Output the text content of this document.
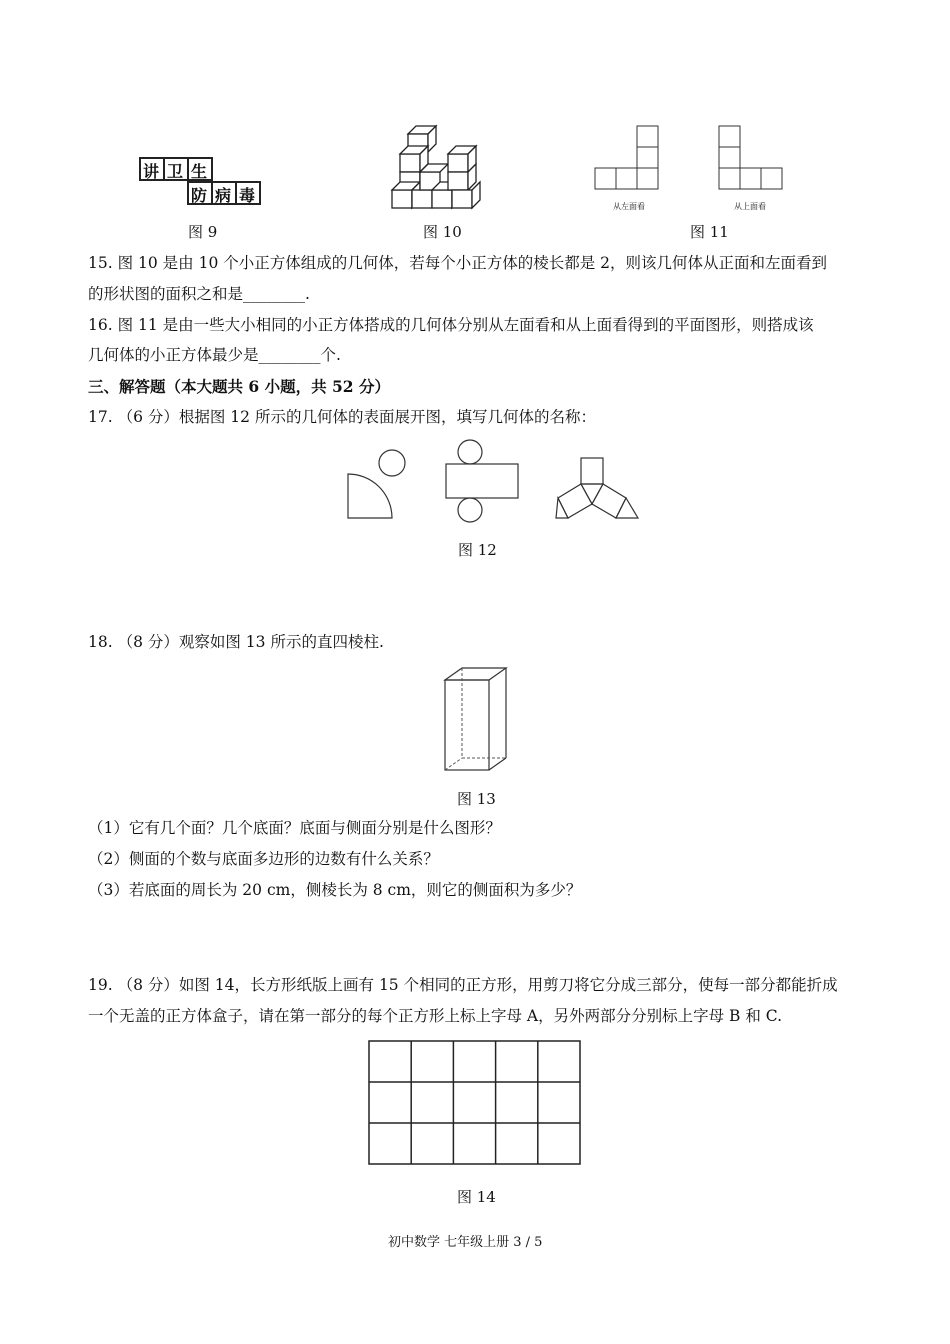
讲 卫 生
防 病 毒
图 9	图 10
从左面看	从上面看
图 11
15. 图 10 是由 10 个小正方体组成的几何体，若每个小正方体的棱长都是 2，则该几何体从正面和左面看到
的形状图的面积之和是________.
16. 图 11 是由一些大小相同的小正方体搭成的几何体分别从左面看和从上面看得到的平面图形，则搭成该
几何体的小正方体最少是________个.
三、解答题（本大题共 6 小题，共 52 分）
17. （6 分）根据图 12 所示的几何体的表面展开图，填写几何体的名称：
图 12
18. （8 分）观察如图 13 所示的直四棱柱.
图 13
（1）它有几个面？几个底面？底面与侧面分别是什么图形？
（2）侧面的个数与底面多边形的边数有什么关系？
（3）若底面的周长为 20 cm，侧棱长为 8 cm，则它的侧面积为多少？
19. （8 分）如图 14，长方形纸版上画有 15 个相同的正方形，用剪刀将它分成三部分，使每一部分都能折成
一个无盖的正方体盒子，请在第一部分的每个正方形上标上字母 A，另外两部分分别标上字母 B 和 C.
图 14
初中数学 七年级上册 3 / 5
